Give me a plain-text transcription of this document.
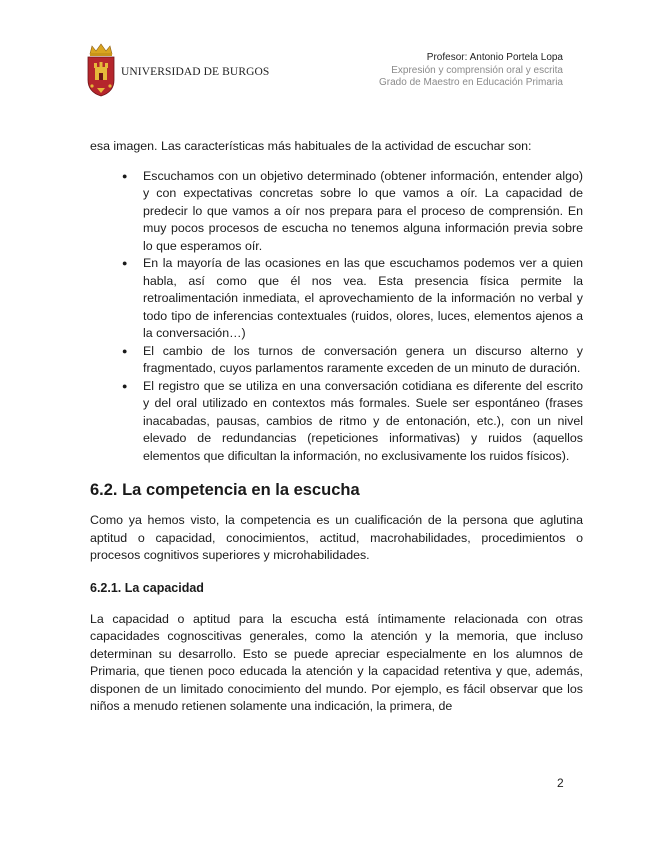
UNIVERSIDAD DE BURGOS
Profesor: Antonio Portela Lopa
Expresión y comprensión oral y escrita
Grado de Maestro en Educación Primaria

esa imagen. Las características más habituales de la actividad de escuchar son:

● Escuchamos con un objetivo determinado (obtener información, entender algo) y con expectativas concretas sobre lo que vamos a oír. La capacidad de predecir lo que vamos a oír nos prepara para el proceso de comprensión. En muy pocos procesos de escucha no tenemos alguna información previa sobre lo que esperamos oír.
● En la mayoría de las ocasiones en las que escuchamos podemos ver a quien habla, así como que él nos vea. Esta presencia física permite la retroalimentación inmediata, el aprovechamiento de la información no verbal y todo tipo de inferencias contextuales (ruidos, olores, luces, elementos ajenos a la conversación…)
● El cambio de los turnos de conversación genera un discurso alterno y fragmentado, cuyos parlamentos raramente exceden de un minuto de duración.
● El registro que se utiliza en una conversación cotidiana es diferente del escrito y del oral utilizado en contextos más formales. Suele ser espontáneo (frases inacabadas, pausas, cambios de ritmo y de entonación, etc.), con un nivel elevado de redundancias (repeticiones informativas) y ruidos (aquellos elementos que dificultan la información, no exclusivamente los ruidos físicos).
6.2. La competencia en la escucha

Como ya hemos visto, la competencia es un cualificación de la persona que aglutina aptitud o capacidad, conocimientos, actitud, macrohabilidades, procedimientos o procesos cognitivos superiores y microhabilidades.

6.2.1. La capacidad

La capacidad o aptitud para la escucha está íntimamente relacionada con otras capacidades cognoscitivas generales, como la atención y la memoria, que incluso determinan su desarrollo. Esto se puede apreciar especialmente en los alumnos de Primaria, que tienen poco educada la atención y la capacidad retentiva y que, además, disponen de un limitado conocimiento del mundo. Por ejemplo, es fácil observar que los niños a menudo retienen solamente una indicación, la primera, de

2
